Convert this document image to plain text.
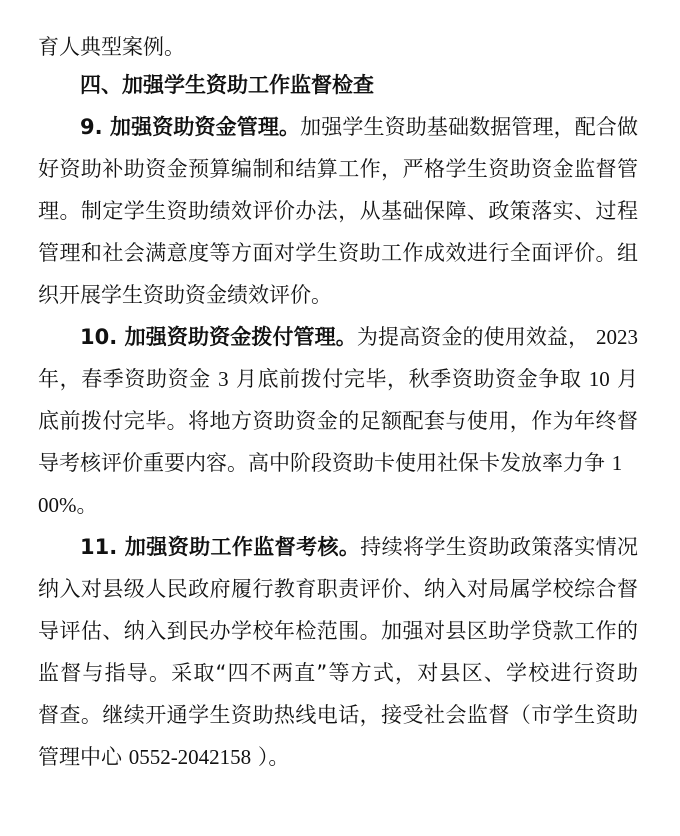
育人典型案例。
四、加强学生资助工作监督检查
9. 加强资助资金管理。加强学生资助基础数据管理，配合做
好资助补助资金预算编制和结算工作，严格学生资助资金监督管
理。制定学生资助绩效评价办法，从基础保障、政策落实、过程
管理和社会满意度等方面对学生资助工作成效进行全面评价。组
织开展学生资助资金绩效评价。
10. 加强资助资金拨付管理。为提高资金的使用效益， 2023
年，春季资助资金 3 月底前拨付完毕，秋季资助资金争取 10 月
底前拨付完毕。将地方资助资金的足额配套与使用，作为年终督
导考核评价重要内容。高中阶段资助卡使用社保卡发放率力争 1
00%。
11. 加强资助工作监督考核。持续将学生资助政策落实情况
纳入对县级人民政府履行教育职责评价、纳入对局属学校综合督
导评估、纳入到民办学校年检范围。加强对县区助学贷款工作的
监督与指导。采取“四不两直”等方式，对县区、学校进行资助
督查。继续开通学生资助热线电话，接受社会监督（市学生资助
管理中心 0552-2042158 ）。
